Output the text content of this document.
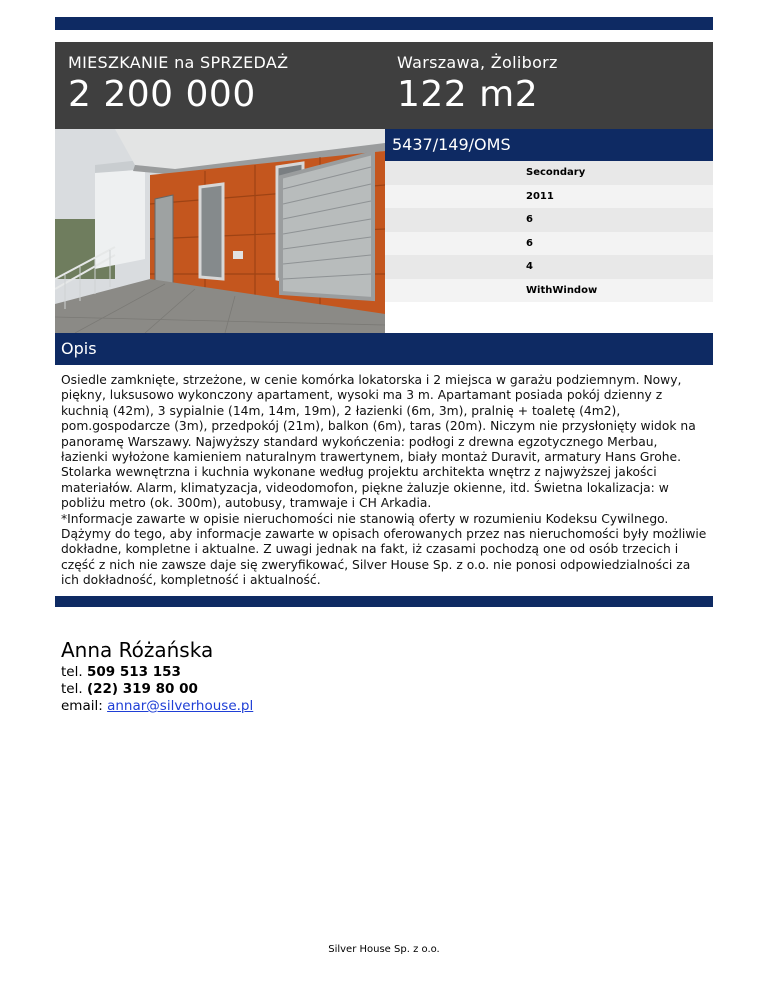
MIESZKANIE na SPRZEDAŻ
2 200 000
Warszawa, Żoliborz
122 m2
5437/149/OMS
Secondary
2011
6
6
4
WithWindow
Opis

Osiedle zamknięte, strzeżone, w cenie komórka lokatorska i 2 miejsca w garażu podziemnym. Nowy, piękny, luksusowo wykonczony apartament, wysoki ma 3 m. Apartamant posiada pokój dzienny z kuchnią (42m), 3 sypialnie (14m, 14m, 19m), 2 łazienki (6m, 3m), pralnię + toaletę (4m2), pom.gospodarcze (3m), przedpokój (21m), balkon (6m), taras (20m). Niczym nie przysłonięty widok na panoramę Warszawy. Najwyższy standard wykończenia: podłogi z drewna egzotycznego Merbau, łazienki wyłożone kamieniem naturalnym trawertynem, biały montaż Duravit, armatury Hans Grohe. Stolarka wewnętrzna i kuchnia wykonane według projektu architekta wnętrz z najwyższej jakości materiałów. Alarm, klimatyzacja, videodomofon, piękne żaluzje okienne, itd. Świetna lokalizacja: w pobliżu metro (ok. 300m), autobusy, tramwaje i CH Arkadia.

*Informacje zawarte w opisie nieruchomości nie stanowią oferty w rozumieniu Kodeksu Cywilnego. Dążymy do tego, aby informacje zawarte w opisach oferowanych przez nas nieruchomości były możliwie dokładne, kompletne i aktualne. Z uwagi jednak na fakt, iż czasami pochodzą one od osób trzecich i część z nich nie zawsze daje się zweryfikować, Silver House Sp. z o.o. nie ponosi odpowiedzialności za ich dokładność, kompletność i aktualność.

Anna Różańska
tel. 509 513 153
tel. (22) 319 80 00
email: annar@silverhouse.pl
Silver House Sp. z o.o.
